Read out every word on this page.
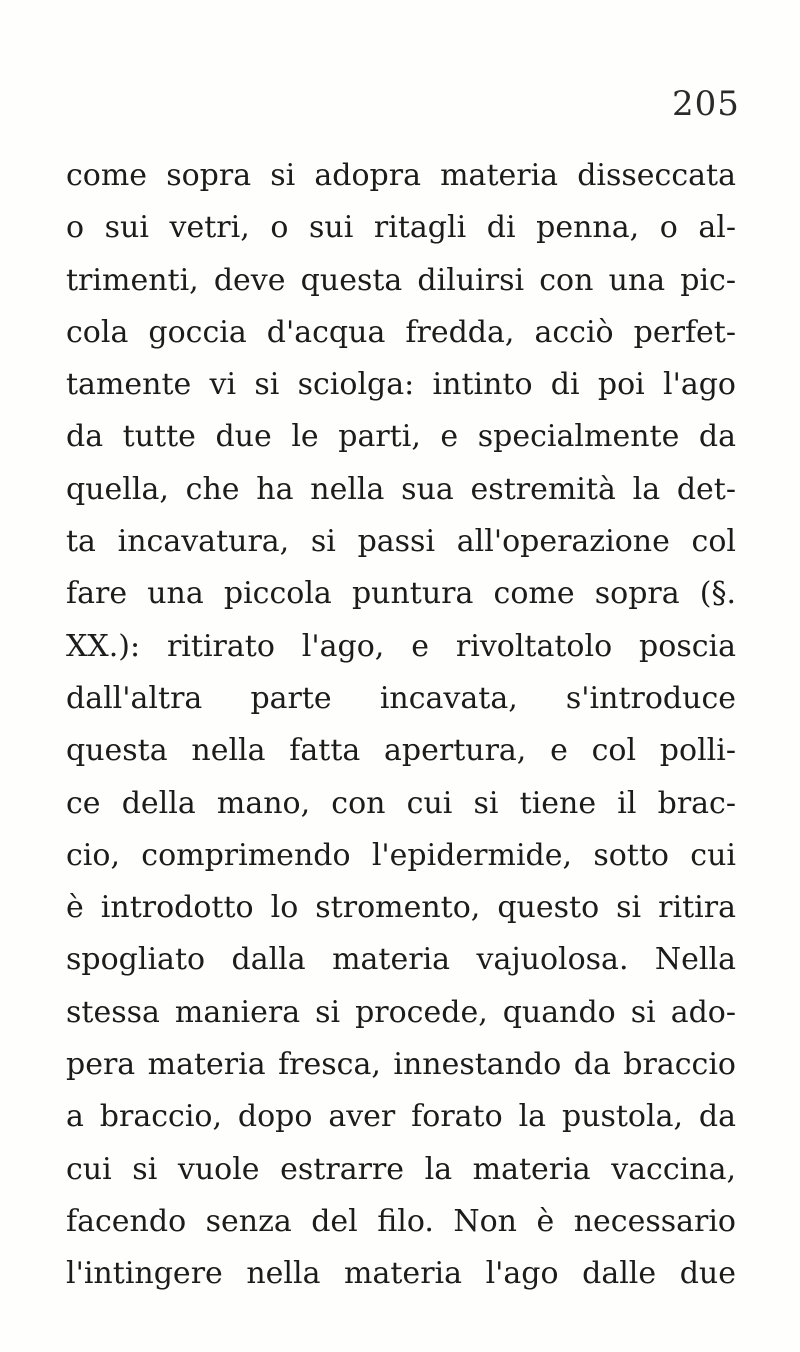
205
come sopra si adopra materia disseccata
o sui vetri, o sui ritagli di penna, o al-
trimenti, deve questa diluirsi con una pic-
cola goccia d'acqua fredda, acciò perfet-
tamente vi si sciolga: intinto di poi l'ago
da tutte due le parti, e specialmente da
quella, che ha nella sua estremità la det-
ta incavatura, si passi all'operazione col
fare una piccola puntura come sopra (§.
XX.): ritirato l'ago, e rivoltatolo poscia
dall'altra parte incavata, s'introduce
questa nella fatta apertura, e col polli-
ce della mano, con cui si tiene il brac-
cio, comprimendo l'epidermide, sotto cui
è introdotto lo stromento, questo si ritira
spogliato dalla materia vajuolosa. Nella
stessa maniera si procede, quando si ado-
pera materia fresca, innestando da braccio
a braccio, dopo aver forato la pustola, da
cui si vuole estrarre la materia vaccina,
facendo senza del filo. Non è necessario
l'intingere nella materia l'ago dalle due
